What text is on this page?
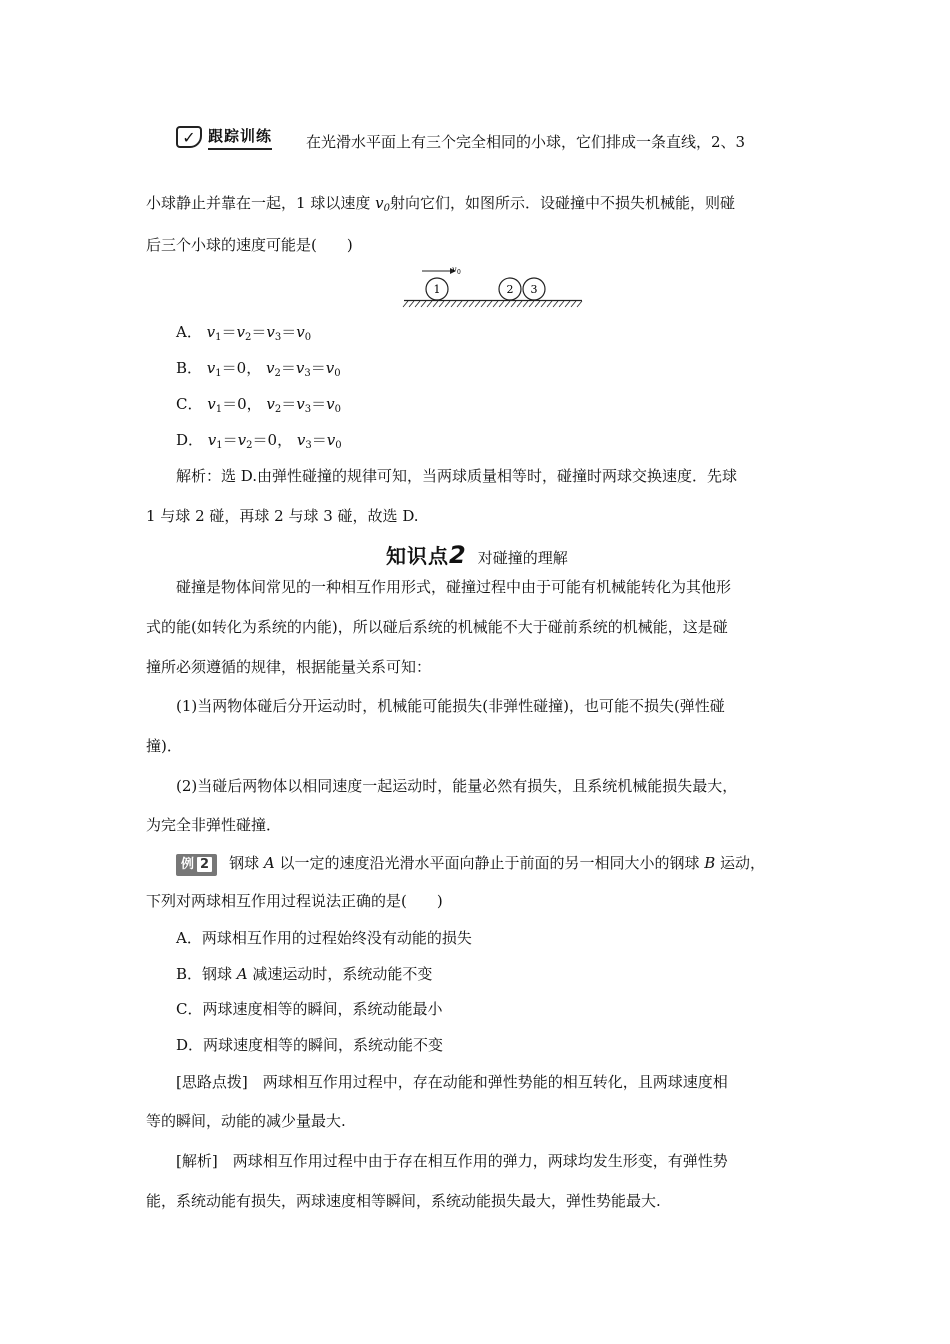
✓ 跟踪训练 在光滑水平面上有三个完全相同的小球，它们排成一条直线，2、3
小球静止并靠在一起，1 球以速度 $v_0$射向它们，如图所示．设碰撞中不损失机械能，则碰
后三个小球的速度可能是(　　)
v 0
1	2 3
A． $v_1=v_2=v_3=v_0$
B． $v_1=0$， $v_2=v_3=v_0$
C． $v_1=0$， $v_2=v_3=v_0$
D． $v_1=v_2=0$， $v_3=v_0$
解析：选 D.由弹性碰撞的规律可知，当两球质量相等时，碰撞时两球交换速度．先球
1 与球 2 碰，再球 2 与球 3 碰，故选 D.
知识点 2 对碰撞的理解
碰撞是物体间常见的一种相互作用形式，碰撞过程中由于可能有机械能转化为其他形
式的能(如转化为系统的内能)，所以碰后系统的机械能不大于碰前系统的机械能，这是碰
撞所必须遵循的规律，根据能量关系可知：
(1)当两物体碰后分开运动时，机械能可能损失(非弹性碰撞)，也可能不损失(弹性碰
撞)．
(2)当碰后两物体以相同速度一起运动时，能量必然有损失，且系统机械能损失最大，
为完全非弹性碰撞．
例 2 钢球 A 以一定的速度沿光滑水平面向静止于前面的另一相同大小的钢球 B 运动，
下列对两球相互作用过程说法正确的是(　　)
A．两球相互作用的过程始终没有动能的损失
B．钢球 A 减速运动时，系统动能不变
C．两球速度相等的瞬间，系统动能最小
D．两球速度相等的瞬间，系统动能不变
[思路点拨]　两球相互作用过程中，存在动能和弹性势能的相互转化，且两球速度相
等的瞬间，动能的减少量最大.
[解析]　两球相互作用过程中由于存在相互作用的弹力，两球均发生形变，有弹性势
能，系统动能有损失，两球速度相等瞬间，系统动能损失最大，弹性势能最大.
